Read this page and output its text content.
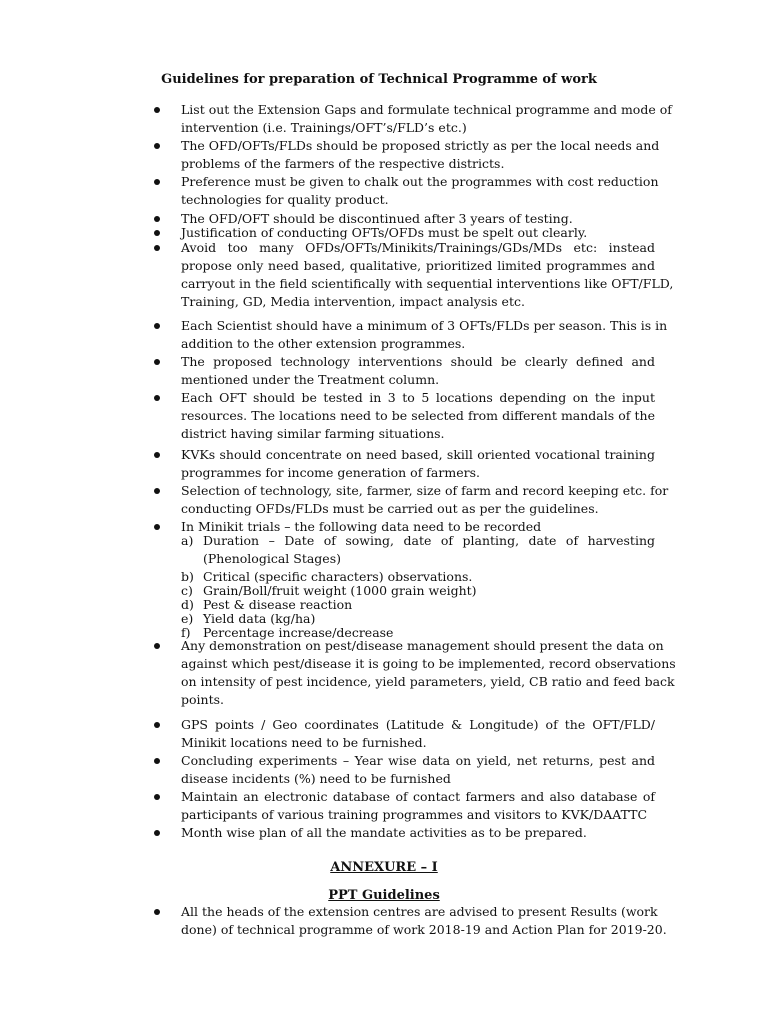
Guidelines for preparation of Technical Programme of work
List out the Extension Gaps and formulate technical programme and mode of
intervention (i.e. Trainings/OFT’s/FLD’s etc.)
The OFD/OFTs/FLDs should be proposed strictly as per the local needs and
problems of the farmers of the respective districts.
Preference must be given to chalk out the programmes with cost reduction
technologies for quality product.
The OFD/OFT should be discontinued after 3 years of testing.
Justification of conducting OFTs/OFDs must be spelt out clearly.
Avoid too many OFDs/OFTs/Minikits/Trainings/GDs/MDs etc: instead
propose only need based, qualitative, prioritized limited programmes and
carryout in the field scientifically with sequential interventions like OFT/FLD,
Training, GD, Media intervention, impact analysis etc.
Each Scientist should have a minimum of 3 OFTs/FLDs per season. This is in
addition to the other extension programmes.
The proposed technology interventions should be clearly defined and
mentioned under the Treatment column.
Each OFT should be tested in 3 to 5 locations depending on the input
resources. The locations need to be selected from different mandals of the
district having similar farming situations.
KVKs should concentrate on need based, skill oriented vocational training
programmes for income generation of farmers.
Selection of technology, site, farmer, size of farm and record keeping etc. for
conducting OFDs/FLDs must be carried out as per the guidelines.
In Minikit trials – the following data need to be recorded
Any demonstration on pest/disease management should present the data on
against which pest/disease it is going to be implemented, record observations
on intensity of pest incidence, yield parameters, yield, CB ratio and feed back
points.
GPS points / Geo coordinates (Latitude & Longitude) of the OFT/FLD/
Minikit locations need to be furnished.
Concluding experiments – Year wise data on yield, net returns, pest and
disease incidents (%) need to be furnished
Maintain an electronic database of contact farmers and also database of
participants of various training programmes and visitors to KVK/DAATTC
Month wise plan of all the mandate activities as to be prepared.
a) Duration – Date of sowing, date of planting, date of harvesting
(Phenological Stages)
b) Critical (specific characters) observations.
c) Grain/Boll/fruit weight (1000 grain weight)
d) Pest & disease reaction
e) Yield data (kg/ha)
f) Percentage increase/decrease
ANNEXURE – I
PPT Guidelines
All the heads of the extension centres are advised to present Results (work
done) of technical programme of work 2018-19 and Action Plan for 2019-20.
